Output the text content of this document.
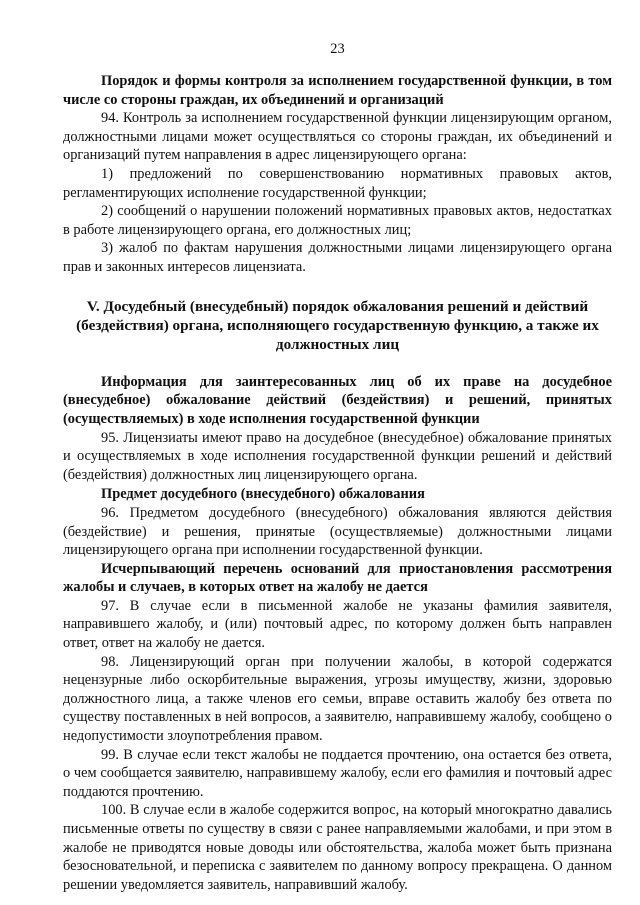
23

Порядок и формы контроля за исполнением государственной функции, в том числе со стороны граждан, их объединений и организаций

94. Контроль за исполнением государственной функции лицензирующим органом, должностными лицами может осуществляться со стороны граждан, их объединений и организаций путем направления в адрес лицензирующего органа:

1) предложений по совершенствованию нормативных правовых актов, регламентирующих исполнение государственной функции;

2) сообщений о нарушении положений нормативных правовых актов, недостатках в работе лицензирующего органа, его должностных лиц;

3) жалоб по фактам нарушения должностными лицами лицензирующего органа прав и законных интересов лицензиата.

V. Досудебный (внесудебный) порядок обжалования решений и действий (бездействия) органа, исполняющего государственную функцию, а также их должностных лиц

Информация для заинтересованных лиц об их праве на досудебное (внесудебное) обжалование действий (бездействия) и решений, принятых (осуществляемых) в ходе исполнения государственной функции

95. Лицензиаты имеют право на досудебное (внесудебное) обжалование принятых и осуществляемых в ходе исполнения государственной функции решений и действий (бездействия) должностных лиц лицензирующего органа.

Предмет досудебного (внесудебного) обжалования

96. Предметом досудебного (внесудебного) обжалования являются действия (бездействие) и решения, принятые (осуществляемые) должностными лицами лицензирующего органа при исполнении государственной функции.

Исчерпывающий перечень оснований для приостановления рассмотрения жалобы и случаев, в которых ответ на жалобу не дается

97. В случае если в письменной жалобе не указаны фамилия заявителя, направившего жалобу, и (или) почтовый адрес, по которому должен быть направлен ответ, ответ на жалобу не дается.

98. Лицензирующий орган при получении жалобы, в которой содержатся нецензурные либо оскорбительные выражения, угрозы имуществу, жизни, здоровью должностного лица, а также членов его семьи, вправе оставить жалобу без ответа по существу поставленных в ней вопросов, а заявителю, направившему жалобу, сообщено о недопустимости злоупотребления правом.

99. В случае если текст жалобы не поддается прочтению, она остается без ответа, о чем сообщается заявителю, направившему жалобу, если его фамилия и почтовый адрес поддаются прочтению.

100. В случае если в жалобе содержится вопрос, на который многократно давались письменные ответы по существу в связи с ранее направляемыми жалобами, и при этом в жалобе не приводятся новые доводы или обстоятельства, жалоба может быть признана безосновательной, и переписка с заявителем по данному вопросу прекращена. О данном решении уведомляется заявитель, направивший жалобу.
